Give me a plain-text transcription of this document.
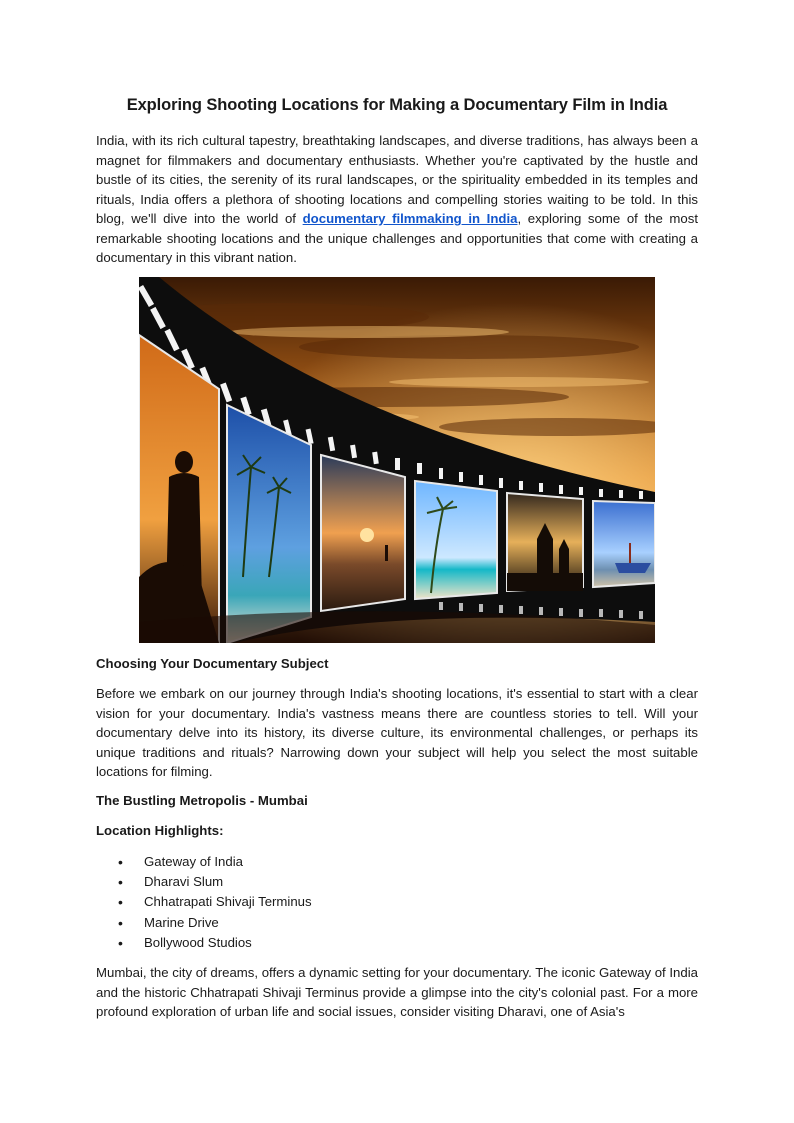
Exploring Shooting Locations for Making a Documentary Film in India

India, with its rich cultural tapestry, breathtaking landscapes, and diverse traditions, has always been a magnet for filmmakers and documentary enthusiasts. Whether you're captivated by the hustle and bustle of its cities, the serenity of its rural landscapes, or the spirituality embedded in its temples and rituals, India offers a plethora of shooting locations and compelling stories waiting to be told. In this blog, we'll dive into the world of documentary filmmaking in India, exploring some of the most remarkable shooting locations and the unique challenges and opportunities that come with creating a documentary in this vibrant nation.

Choosing Your Documentary Subject

Before we embark on our journey through India's shooting locations, it's essential to start with a clear vision for your documentary. India's vastness means there are countless stories to tell. Will your documentary delve into its history, its diverse culture, its environmental challenges, or perhaps its unique traditions and rituals? Narrowing down your subject will help you select the most suitable locations for filming.

The Bustling Metropolis - Mumbai

Location Highlights:

• Gateway of India
• Dharavi Slum
• Chhatrapati Shivaji Terminus
• Marine Drive
• Bollywood Studios

Mumbai, the city of dreams, offers a dynamic setting for your documentary. The iconic Gateway of India and the historic Chhatrapati Shivaji Terminus provide a glimpse into the city's colonial past. For a more profound exploration of urban life and social issues, consider visiting Dharavi, one of Asia's
